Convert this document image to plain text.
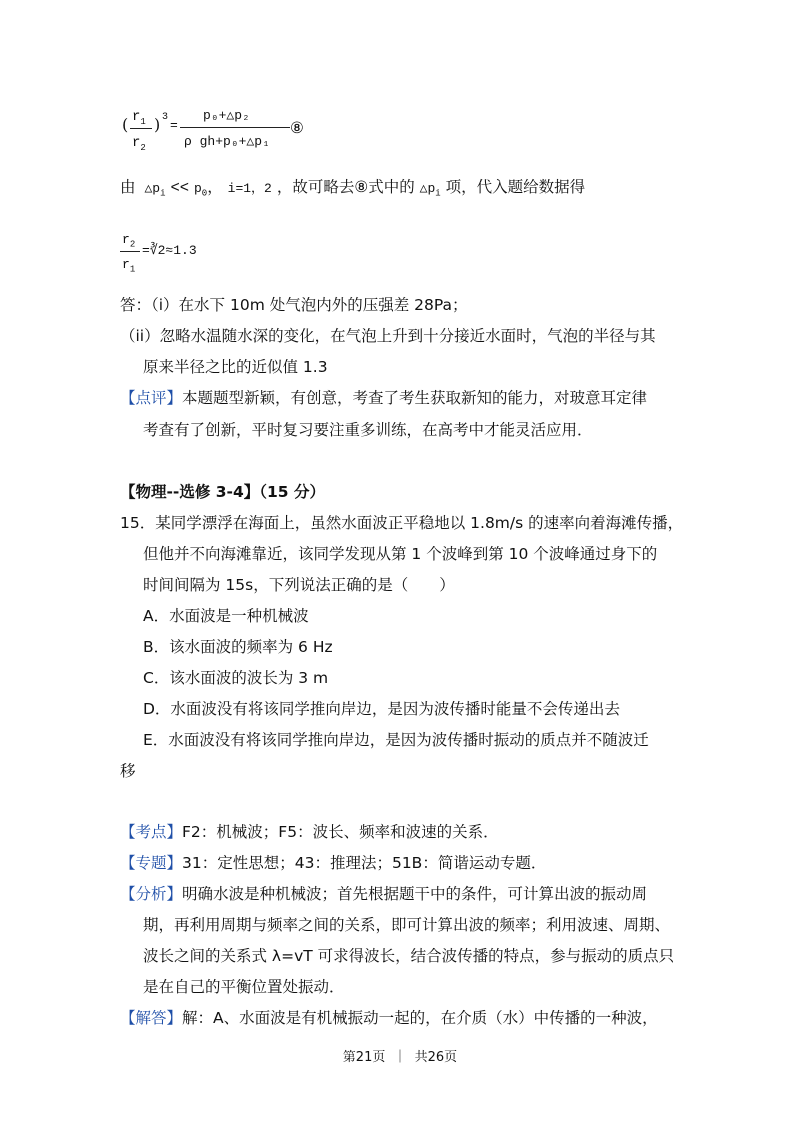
( $r_1$
$r_2$
) 3
=
p₀+△p₂
ρ gh+p₀+△p₁
⑧
由 $\triangle p_i << p_0$， i=1，2 ，故可略去⑧式中的 $\triangle p_i$ 项，代入题给数据得
$r_2$
$r_1$
=∛2≈1.3
答：（i）在水下 10m 处气泡内外的压强差 28Pa；
（ii）忽略水温随水深的变化，在气泡上升到十分接近水面时，气泡的半径与其
原来半径之比的近似值 1.3
【点评】本题题型新颖，有创意，考查了考生获取新知的能力，对玻意耳定律
考查有了创新，平时复习要注重多训练，在高考中才能灵活应用．
【物理--选修 3-4】（15 分）
15．某同学漂浮在海面上，虽然水面波正平稳地以 1.8m/s 的速率向着海滩传播，
但他并不向海滩靠近，该同学发现从第 1 个波峰到第 10 个波峰通过身下的
时间间隔为 15s，下列说法正确的是（　　）
A．水面波是一种机械波
B．该水面波的频率为 6 Hz
C．该水面波的波长为 3 m
D．水面波没有将该同学推向岸边，是因为波传播时能量不会传递出去
E．水面波没有将该同学推向岸边，是因为波传播时振动的质点并不随波迁
移
【考点】F2：机械波；F5：波长、频率和波速的关系．
【专题】31：定性思想；43：推理法；51B：简谐运动专题．
【分析】明确水波是种机械波；首先根据题干中的条件，可计算出波的振动周
期，再利用周期与频率之间的关系，即可计算出波的频率；利用波速、周期、
波长之间的关系式 λ=vT 可求得波长，结合波传播的特点，参与振动的质点只
是在自己的平衡位置处振动．
【解答】解：A、水面波是有机械振动一起的，在介质（水）中传播的一种波，
第21页 ｜ 共26页
